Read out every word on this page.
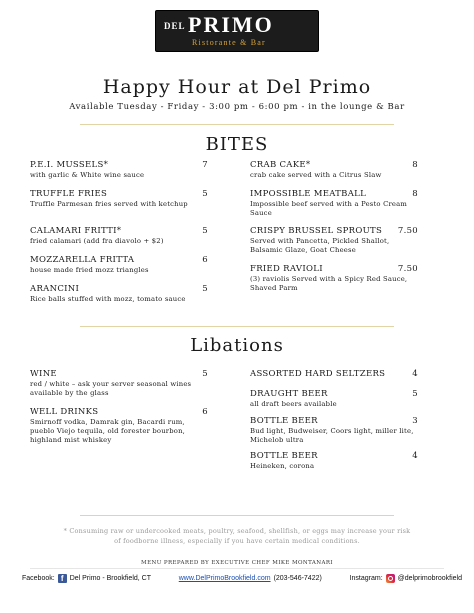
DEL PRIMO
Ristorante & Bar
Happy Hour at Del Primo
Available Tuesday - Friday - 3:00 pm - 6:00 pm - in the lounge & Bar
BITES
P.E.I. MUSSELS*	7
with garlic & White wine sauce
TRUFFLE FRIES	5
Truffle Parmesan fries served with ketchup
CALAMARI FRITTI*	5
fried calamari (add fra diavolo + $2)
MOZZARELLA FRITTA	6
house made fried mozz triangles
ARANCINI	5
Rice balls stuffed with mozz, tomato sauce
CRAB CAKE*	8
crab cake served with a Citrus Slaw
IMPOSSIBLE MEATBALL	8
Impossible beef served with a Pesto Cream Sauce
CRISPY BRUSSEL SPROUTS 7.50
Served with Pancetta, Pickled Shallot, Balsamic Glaze, Goat Cheese
FRIED RAVIOLI	7.50
(3) raviolis Served with a Spicy Red Sauce, Shaved Parm
Libations
WINE	5
red / white – ask your server seasonal wines available by the glass
WELL DRINKS	6
Smirnoff vodka, Damrak gin, Bacardi rum, pueblo Viejo tequila, old forester bourbon, highland mist whiskey
ASSORTED HARD SELTZERS	4
DRAUGHT BEER	5
all draft beers available
BOTTLE BEER	3
Bud light, Budweiser, Coors light, miller lite, Michelob ultra
BOTTLE BEER	4
Heineken, corona
* Consuming raw or undercooked meats, poultry, seafood, shellfish, or eggs may increase your risk of foodborne illness, especially if you have certain medical conditions.
MENU PREPARED BY EXECUTIVE CHEF MIKE MONTANARI
Facebook: f Del Primo - Brookfield, CT	www.DelPrimoBrookfield.com (203-546-7422)	Instagram: @delprimobrookfield
